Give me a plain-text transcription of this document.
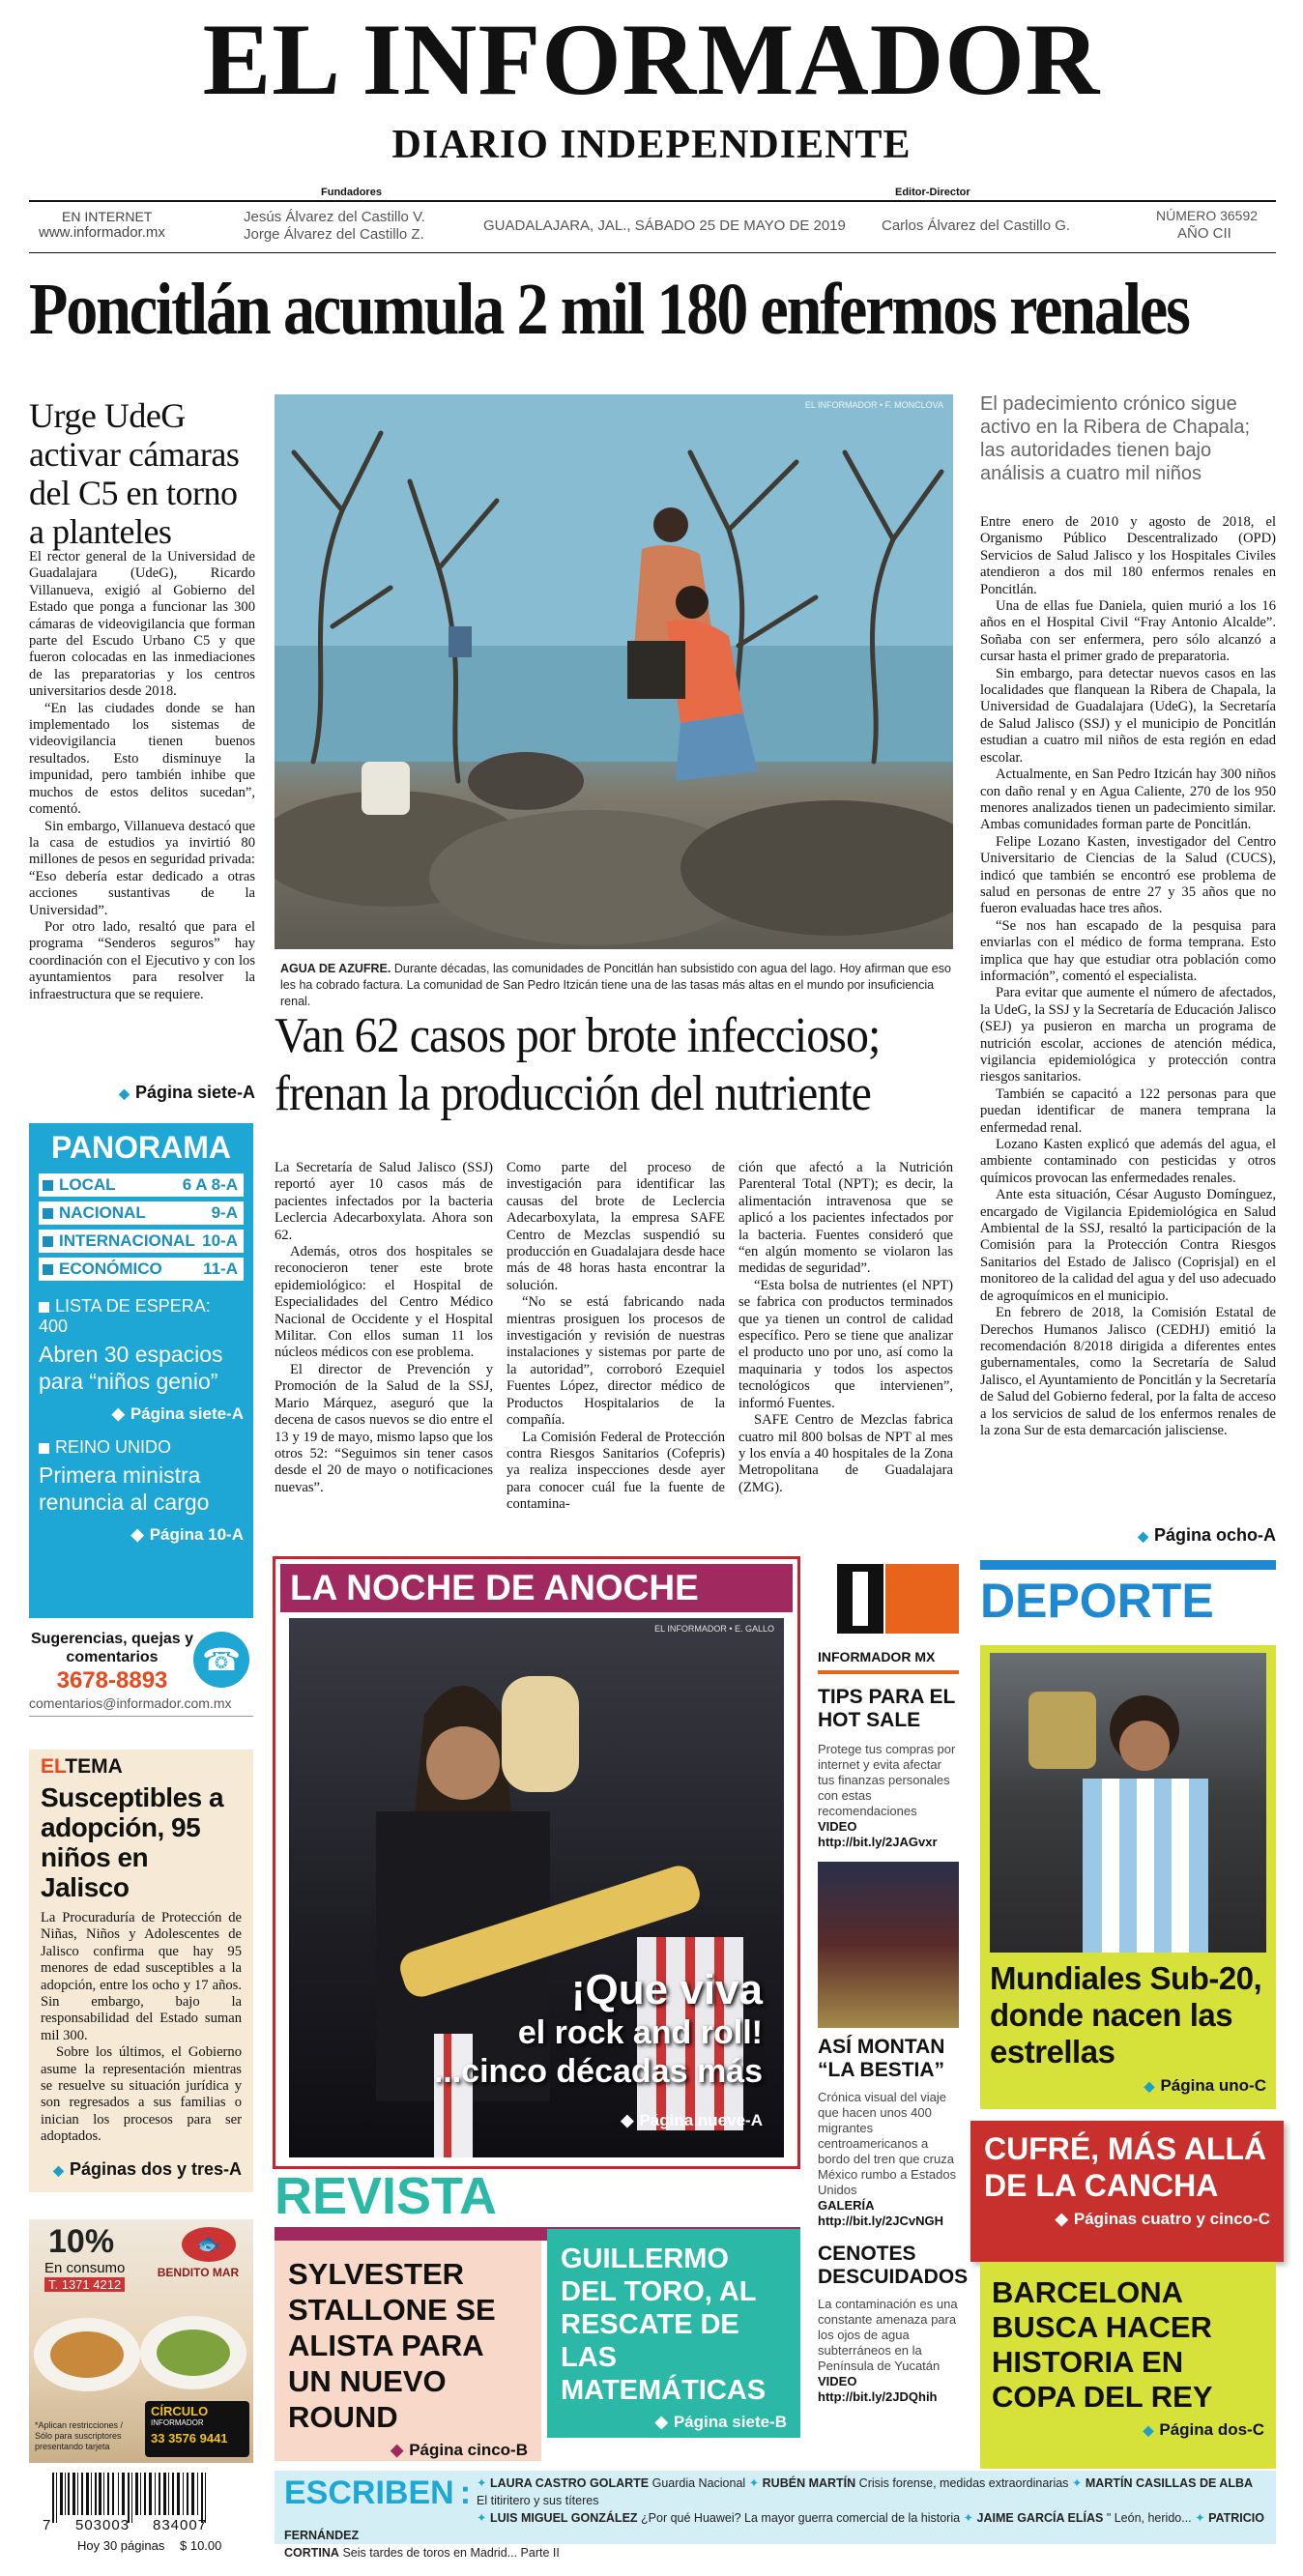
EL INFORMADOR
DIARIO INDEPENDIENTE
Fundadores	Editor-Director
EN INTERNET
www.informador.mx
Jesús Álvarez del Castillo V.
Jorge Álvarez del Castillo Z.
GUADALAJARA, JAL., SÁBADO 25 DE MAYO DE 2019 Carlos Álvarez del Castillo G.
NÚMERO 36592
AÑO CII
Poncitlán acumula 2 mil 180 enfermos renales
Urge UdeG activar cámaras del C5 en torno a planteles

El rector general de la Universidad de Guadalajara (UdeG), Ricardo Villanueva, exigió al Gobierno del Estado que ponga a funcionar las 300 cámaras de videovigilancia que forman parte del Escudo Urbano C5 y que fueron colocadas en las inmediaciones de las preparatorias y los centros universitarios desde 2018.

“En las ciudades donde se han implementado los sistemas de videovigilancia tienen buenos resultados. Esto disminuye la impunidad, pero también inhibe que muchos de estos delitos sucedan”, comentó.

Sin embargo, Villanueva destacó que la casa de estudios ya invirtió 80 millones de pesos en seguridad privada: “Eso debería estar dedicado a otras acciones sustantivas de la Universidad”.

Por otro lado, resaltó que para el programa “Senderos seguros” hay coordinación con el Ejecutivo y con los ayuntamientos para resolver la infraestructura que se requiere.

◆ Página siete-A
EL INFORMADOR • F. MONCLOVA
AGUA DE AZUFRE. Durante décadas, las comunidades de Poncitlán han subsistido con agua del lago. Hoy afirman que eso les ha cobrado factura. La comunidad de San Pedro Itzicán tiene una de las tasas más altas en el mundo por insuficiencia renal.
El padecimiento crónico sigue activo en la Ribera de Chapala; las autoridades tienen bajo análisis a cuatro mil niños

Entre enero de 2010 y agosto de 2018, el Organismo Público Descentralizado (OPD) Servicios de Salud Jalisco y los Hospitales Civiles atendieron a dos mil 180 enfermos renales en Poncitlán.

Una de ellas fue Daniela, quien murió a los 16 años en el Hospital Civil “Fray Antonio Alcalde”. Soñaba con ser enfermera, pero sólo alcanzó a cursar hasta el primer grado de preparatoria.

Sin embargo, para detectar nuevos casos en las localidades que flanquean la Ribera de Chapala, la Universidad de Guadalajara (UdeG), la Secretaría de Salud Jalisco (SSJ) y el municipio de Poncitlán estudian a cuatro mil niños de esta región en edad escolar.

Actualmente, en San Pedro Itzicán hay 300 niños con daño renal y en Agua Caliente, 270 de los 950 menores analizados tienen un padecimiento similar. Ambas comunidades forman parte de Poncitlán.

Felipe Lozano Kasten, investigador del Centro Universitario de Ciencias de la Salud (CUCS), indicó que también se encontró ese problema de salud en personas de entre 27 y 35 años que no fueron evaluadas hace tres años.

“Se nos han escapado de la pesquisa para enviarlas con el médico de forma temprana. Esto implica que hay que estudiar otra población como información”, comentó el especialista.

Para evitar que aumente el número de afectados, la UdeG, la SSJ y la Secretaría de Educación Jalisco (SEJ) ya pusieron en marcha un programa de nutrición escolar, acciones de atención médica, vigilancia epidemiológica y protección contra riesgos sanitarios.

También se capacitó a 122 personas para que puedan identificar de manera temprana la enfermedad renal.

Lozano Kasten explicó que además del agua, el ambiente contaminado con pesticidas y otros químicos provocan las enfermedades renales.

Ante esta situación, César Augusto Domínguez, encargado de Vigilancia Epidemiológica en Salud Ambiental de la SSJ, resaltó la participación de la Comisión para la Protección Contra Riesgos Sanitarios del Estado de Jalisco (Coprisjal) en el monitoreo de la calidad del agua y del uso adecuado de agroquímicos en el municipio.

En febrero de 2018, la Comisión Estatal de Derechos Humanos Jalisco (CEDHJ) emitió la recomendación 8/2018 dirigida a diferentes entes gubernamentales, como la Secretaría de Salud Jalisco, el Ayuntamiento de Poncitlán y la Secretaría de Salud del Gobierno federal, por la falta de acceso a los servicios de salud de los enfermos renales de la zona Sur de esta demarcación jalisciense.

◆ Página ocho-A
Van 62 casos por brote infeccioso; frenan la producción del nutriente

La Secretaría de Salud Jalisco (SSJ) reportó ayer 10 casos más de pacientes infectados por la bacteria Leclercia Adecarboxylata. Ahora son 62.

Además, otros dos hospitales se reconocieron tener este brote epidemiológico: el Hospital de Especialidades del Centro Médico Nacional de Occidente y el Hospital Militar. Con ellos suman 11 los núcleos médicos con ese problema.

El director de Prevención y Promoción de la Salud de la SSJ, Mario Márquez, aseguró que la decena de casos nuevos se dio entre el 13 y 19 de mayo, mismo lapso que los otros 52: “Seguimos sin tener casos desde el 20 de mayo o notificaciones nuevas”.

Como parte del proceso de investigación para identificar las causas del brote de Leclercia Adecarboxylata, la empresa SAFE Centro de Mezclas suspendió su producción en Guadalajara desde hace más de 48 horas hasta encontrar la solución.

“No se está fabricando nada mientras prosiguen los procesos de investigación y revisión de nuestras instalaciones y sistemas por parte de la autoridad”, corroboró Ezequiel Fuentes López, director médico de Productos Hospitalarios de la compañía.

La Comisión Federal de Protección contra Riesgos Sanitarios (Cofepris) ya realiza inspecciones desde ayer para conocer cuál fue la fuente de contamina-

ción que afectó a la Nutrición Parenteral Total (NPT); es decir, la alimentación intravenosa que se aplicó a los pacientes infectados por la bacteria. Fuentes consideró que “en algún momento se violaron las medidas de seguridad”.

“Esta bolsa de nutrientes (el NPT) se fabrica con productos terminados que ya tienen un control de calidad específico. Pero se tiene que analizar el producto uno por uno, así como la maquinaria y todos los aspectos tecnológicos que intervienen”, informó Fuentes.

SAFE Centro de Mezclas fabrica cuatro mil 800 bolsas de NPT al mes y los envía a 40 hospitales de la Zona Metropolitana de Guadalajara (ZMG).

PANORAMA
LOCAL	6 A 8-A
NACIONAL	9-A
INTERNACIONAL 10-A
ECONÓMICO 11-A
LISTA DE ESPERA: 400
Abren 30 espacios para “niños genio”
◆ Página siete-A
REINO UNIDO
Primera ministra renuncia al cargo
◆ Página 10-A
Sugerencias, quejas y comentarios
3678-8893
comentarios@informador.com.mx
☎
ELTEMA
Susceptibles a adopción, 95 niños en Jalisco

La Procuraduría de Protección de Niñas, Niños y Adolescentes de Jalisco confirma que hay 95 menores de edad susceptibles a la adopción, entre los ocho y 17 años. Sin embargo, bajo la responsabilidad del Estado suman mil 300.

Sobre los últimos, el Gobierno asume la representación mientras se resuelve su situación jurídica y son regresados a sus familias o inician los procesos para ser adoptados.

◆ Páginas dos y tres-A
10%
En consumo
T. 1371 4212
🐟
BENDITO MAR
*Aplican restricciones / Sólo para suscriptores presentando tarjeta
CÍRCULO
INFORMADOR
33 3576 9441
LA NOCHE DE ANOCHE
EL INFORMADOR • E. GALLO
¡Que viva
el rock and roll!
...cinco décadas más
◆ Página nueve-A
INFORMADOR MX
TIPS PARA EL HOT SALE
Protege tus compras por internet y evita afectar tus finanzas personales con estas recomendaciones
VIDEO
http://bit.ly/2JAGvxr
ASÍ MONTAN “LA BESTIA”
Crónica visual del viaje que hacen unos 400 migrantes centroamericanos a bordo del tren que cruza México rumbo a Estados Unidos
GALERÍA
http://bit.ly/2JCvNGH
CENOTES DESCUIDADOS
La contaminación es una constante amenaza para los ojos de agua subterráneos en la Península de Yucatán
VIDEO
http://bit.ly/2JDQhih
DEPORTE
Mundiales Sub-20, donde nacen las estrellas
◆ Página uno-C
CUFRÉ, MÁS ALLÁ DE LA CANCHA
◆ Páginas cuatro y cinco-C
BARCELONA BUSCA HACER HISTORIA EN COPA DEL REY
◆ Página dos-C
REVISTA
SYLVESTER STALLONE SE ALISTA PARA UN NUEVO ROUND
◆ Página cinco-B
GUILLERMO DEL TORO, AL RESCATE DE LAS MATEMÁTICAS
◆ Página siete-B
7 503003 834007
Hoy 30 páginas $ 10.00
ESCRIBEN : ✦ LAURA CASTRO GOLARTE Guardia Nacional ✦ RUBÉN MARTÍN Crisis forense, medidas extraordinarias ✦ MARTÍN CASILLAS DE ALBA El titiritero y sus títeres
✦ LUIS MIGUEL GONZÁLEZ ¿Por qué Huawei? La mayor guerra comercial de la historia ✦ JAIME GARCÍA ELÍAS " León, herido... ✦ PATRICIO FERNÁNDEZ
CORTINA Seis tardes de toros en Madrid... Parte II
